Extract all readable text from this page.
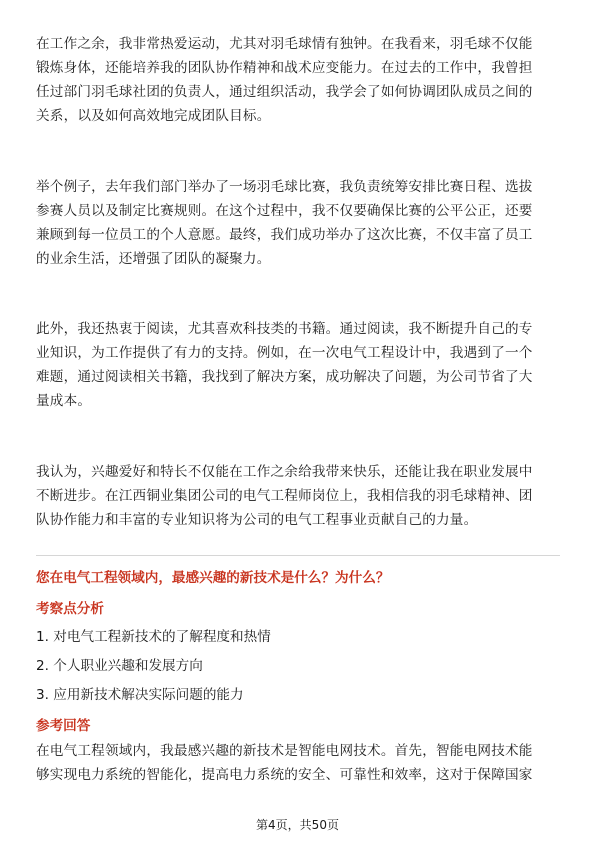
在工作之余，我非常热爱运动，尤其对羽毛球情有独钟。在我看来，羽毛球不仅能
锻炼身体，还能培养我的团队协作精神和战术应变能力。在过去的工作中，我曾担
任过部门羽毛球社团的负责人，通过组织活动，我学会了如何协调团队成员之间的
关系，以及如何高效地完成团队目标。

举个例子，去年我们部门举办了一场羽毛球比赛，我负责统筹安排比赛日程、选拔
参赛人员以及制定比赛规则。在这个过程中，我不仅要确保比赛的公平公正，还要
兼顾到每一位员工的个人意愿。最终，我们成功举办了这次比赛，不仅丰富了员工
的业余生活，还增强了团队的凝聚力。

此外，我还热衷于阅读，尤其喜欢科技类的书籍。通过阅读，我不断提升自己的专
业知识，为工作提供了有力的支持。例如，在一次电气工程设计中，我遇到了一个
难题，通过阅读相关书籍，我找到了解决方案，成功解决了问题，为公司节省了大
量成本。

我认为，兴趣爱好和特长不仅能在工作之余给我带来快乐，还能让我在职业发展中
不断进步。在江西铜业集团公司的电气工程师岗位上，我相信我的羽毛球精神、团
队协作能力和丰富的专业知识将为公司的电气工程事业贡献自己的力量。

您在电气工程领域内，最感兴趣的新技术是什么？为什么？
考察点分析
1. 对电气工程新技术的了解程度和热情
2. 个人职业兴趣和发展方向
3. 应用新技术解决实际问题的能力
参考回答
在电气工程领域内，我最感兴趣的新技术是智能电网技术。首先，智能电网技术能
够实现电力系统的智能化，提高电力系统的安全、可靠性和效率，这对于保障国家
第4页，共50页
